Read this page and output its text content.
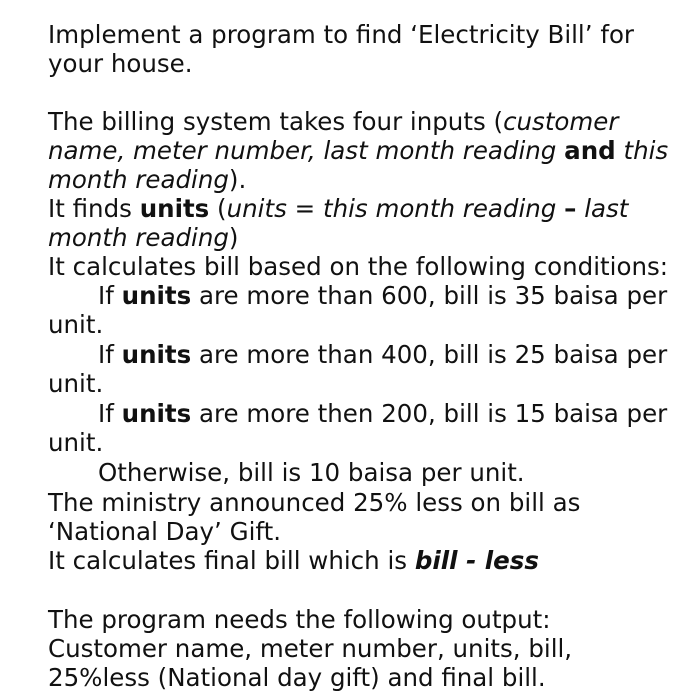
Implement a program to find ‘Electricity Bill’ for
your house.
The billing system takes four inputs (customer
name, meter number, last month reading and this
month reading).
It finds units (units = this month reading – last
month reading)
It calculates bill based on the following conditions:
If units are more than 600, bill is 35 baisa per
unit.
If units are more than 400, bill is 25 baisa per
unit.
If units are more then 200, bill is 15 baisa per
unit.
Otherwise, bill is 10 baisa per unit.
The ministry announced 25% less on bill as
‘National Day’ Gift.
It calculates final bill which is bill - less
The program needs the following output:
Customer name, meter number, units, bill,
25%less (National day gift) and final bill.
